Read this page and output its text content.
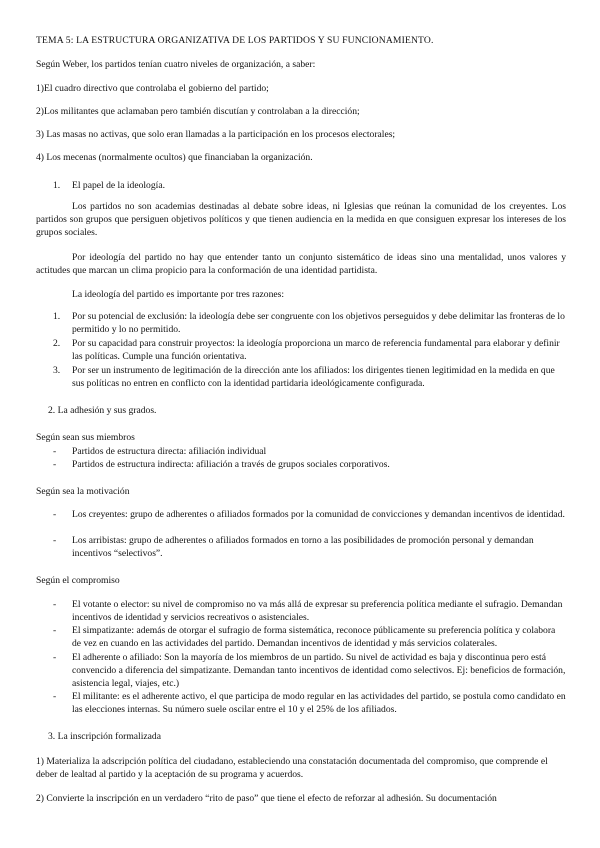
TEMA 5: LA ESTRUCTURA ORGANIZATIVA DE LOS PARTIDOS Y SU FUNCIONAMIENTO.

Según Weber, los partidos tenían cuatro niveles de organización, a saber:

1)El cuadro directivo que controlaba el gobierno del partido;

2)Los militantes que aclamaban pero también discutían y controlaban a la dirección;

3) Las masas no activas, que solo eran llamadas a la participación en los procesos electorales;

4) Los mecenas (normalmente ocultos) que financiaban la organización.

1. El papel de la ideología.

Los partidos no son academias destinadas al debate sobre ideas, ni Iglesias que reúnan la comunidad de los creyentes. Los partidos son grupos que persiguen objetivos políticos y que tienen audiencia en la medida en que consiguen expresar los intereses de los grupos sociales.

Por ideología del partido no hay que entender tanto un conjunto sistemático de ideas sino una mentalidad, unos valores y actitudes que marcan un clima propicio para la conformación de una identidad partidista.

La ideología del partido es importante por tres razones:

1. Por su potencial de exclusión: la ideología debe ser congruente con los objetivos perseguidos y debe delimitar las fronteras de lo permitido y lo no permitido.
2. Por su capacidad para construir proyectos: la ideología proporciona un marco de referencia fundamental para elaborar y definir las políticas. Cumple una función orientativa.
3. Por ser un instrumento de legitimación de la dirección ante los afiliados: los dirigentes tienen legitimidad en la medida en que sus políticas no entren en conflicto con la identidad partidaria ideológicamente configurada.

2. La adhesión y sus grados.

Según sean sus miembros

- Partidos de estructura directa: afiliación individual
- Partidos de estructura indirecta: afiliación a través de grupos sociales corporativos.

Según sea la motivación

- Los creyentes: grupo de adherentes o afiliados formados por la comunidad de convicciones y demandan incentivos de identidad.
- Los arribistas: grupo de adherentes o afiliados formados en torno a las posibilidades de promoción personal y demandan incentivos “selectivos”.

Según el compromiso

- El votante o elector: su nivel de compromiso no va más allá de expresar su preferencia política mediante el sufragio. Demandan incentivos de identidad y servicios recreativos o asistenciales.
- El simpatizante: además de otorgar el sufragio de forma sistemática, reconoce públicamente su preferencia política y colabora de vez en cuando en las actividades del partido. Demandan incentivos de identidad y más servicios colaterales.
- El adherente o afiliado: Son la mayoría de los miembros de un partido. Su nivel de actividad es baja y discontinua pero está convencido a diferencia del simpatizante. Demandan tanto incentivos de identidad como selectivos. Ej: beneficios de formación, asistencia legal, viajes, etc.)
- El militante: es el adherente activo, el que participa de modo regular en las actividades del partido, se postula como candidato en las elecciones internas. Su número suele oscilar entre el 10 y el 25% de los afiliados.

3. La inscripción formalizada

1) Materializa la adscripción política del ciudadano, estableciendo una constatación documentada del compromiso, que comprende el deber de lealtad al partido y la aceptación de su programa y acuerdos.

2) Convierte la inscripción en un verdadero “rito de paso” que tiene el efecto de reforzar al adhesión. Su documentación
